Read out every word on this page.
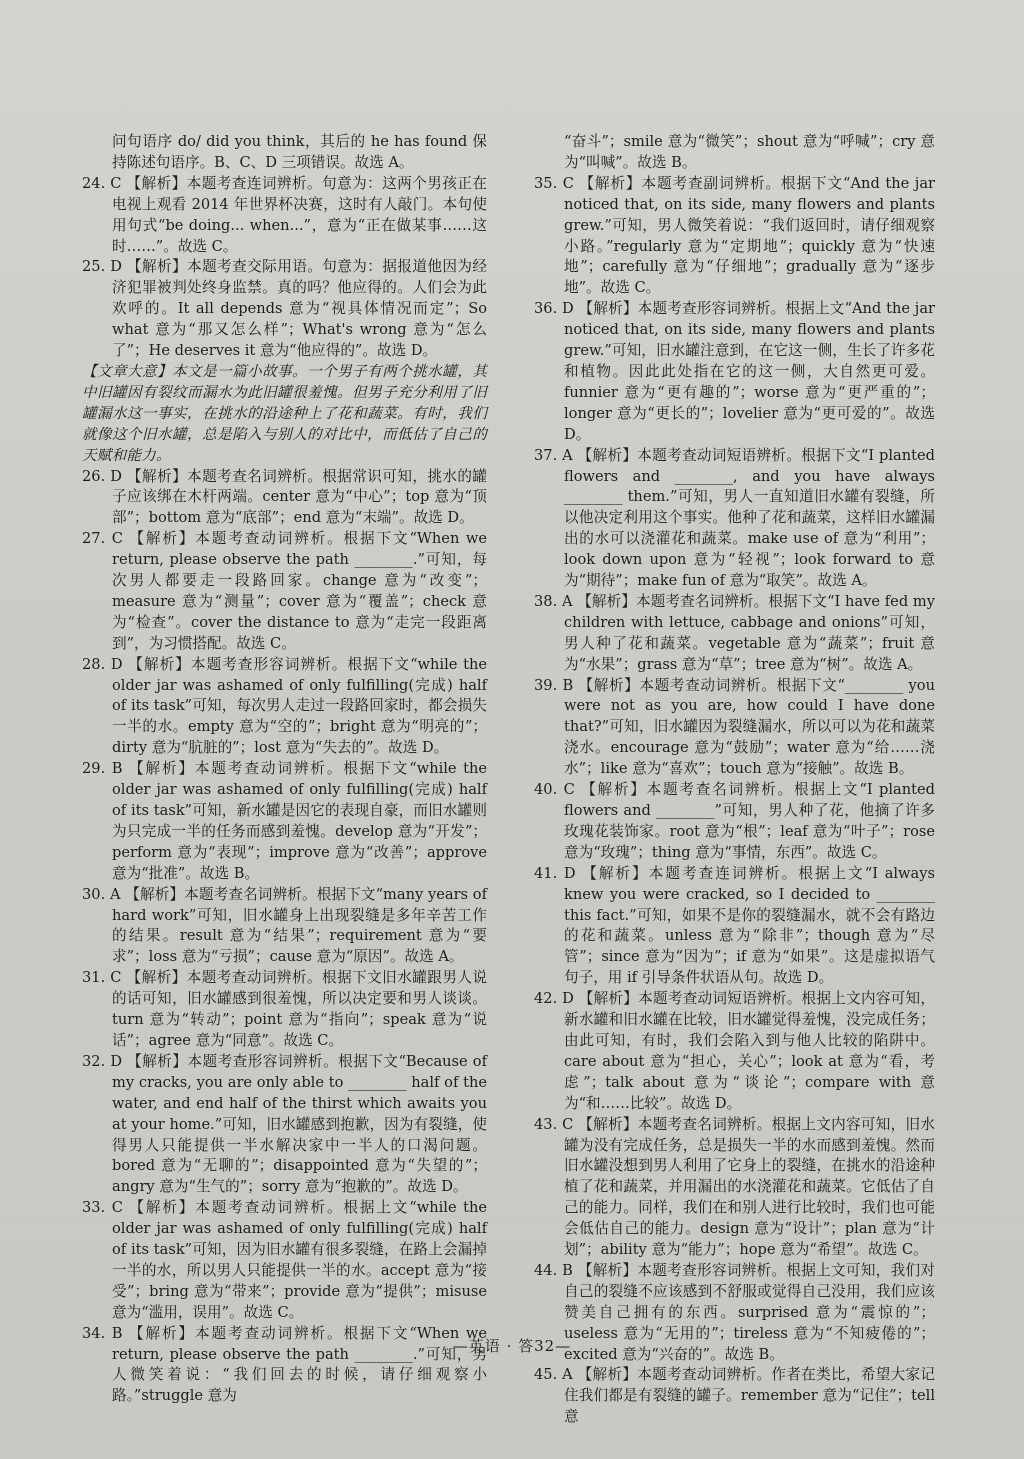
问句语序 do/ did you think，其后的 he has found 保持陈述句语序。B、C、D 三项错误。故选 A。

24. C 【解析】本题考查连词辨析。句意为：这两个男孩正在电视上观看 2014 年世界杯决赛，这时有人敲门。本句使用句式“be doing... when...”，意为“正在做某事……这时……”。故选 C。

25. D 【解析】本题考查交际用语。句意为：据报道他因为经济犯罪被判处终身监禁。真的吗？他应得的。人们会为此欢呼的。It all depends 意为“视具体情况而定”；So what 意为“那又怎么样”；What's wrong 意为“怎么了”；He deserves it 意为“他应得的”。故选 D。

【文章大意】本文是一篇小故事。一个男子有两个挑水罐，其中旧罐因有裂纹而漏水为此旧罐很羞愧。但男子充分利用了旧罐漏水这一事实，在挑水的沿途种上了花和蔬菜。有时，我们就像这个旧水罐，总是陷入与别人的对比中，而低估了自己的天赋和能力。

26. D 【解析】本题考查名词辨析。根据常识可知，挑水的罐子应该绑在木杆两端。center 意为“中心”；top 意为“顶部”；bottom 意为“底部”；end 意为“末端”。故选 D。

27. C 【解析】本题考查动词辨析。根据下文“When we return, please observe the path ________.”可知，每次男人都要走一段路回家。change 意为“改变”；measure 意为“测量”；cover 意为“覆盖”；check 意为“检查”。cover the distance to 意为“走完一段距离到”，为习惯搭配。故选 C。

28. D 【解析】本题考查形容词辨析。根据下文“while the older jar was ashamed of only fulfilling(完成) half of its task”可知，每次男人走过一段路回家时，都会损失一半的水。empty 意为“空的”；bright 意为“明亮的”；dirty 意为“肮脏的”；lost 意为“失去的”。故选 D。

29. B 【解析】本题考查动词辨析。根据下文“while the older jar was ashamed of only fulfilling(完成) half of its task”可知，新水罐是因它的表现自豪，而旧水罐则为只完成一半的任务而感到羞愧。develop 意为“开发”；perform 意为“表现”；improve 意为“改善”；approve 意为“批准”。故选 B。

30. A 【解析】本题考查名词辨析。根据下文“many years of hard work”可知，旧水罐身上出现裂缝是多年辛苦工作的结果。result 意为“结果”；requirement 意为“要求”；loss 意为“亏损”；cause 意为“原因”。故选 A。

31. C 【解析】本题考查动词辨析。根据下文旧水罐跟男人说的话可知，旧水罐感到很羞愧，所以决定要和男人谈谈。turn 意为“转动”；point 意为“指向”；speak 意为“说话”；agree 意为“同意”。故选 C。

32. D 【解析】本题考查形容词辨析。根据下文“Because of my cracks, you are only able to ________ half of the water, and end half of the thirst which awaits you at your home.”可知，旧水罐感到抱歉，因为有裂缝，使得男人只能提供一半水解决家中一半人的口渴问题。bored 意为“无聊的”；disappointed 意为“失望的”；angry 意为“生气的”；sorry 意为“抱歉的”。故选 D。

33. C 【解析】本题考查动词辨析。根据上文“while the older jar was ashamed of only fulfilling(完成) half of its task”可知，因为旧水罐有很多裂缝，在路上会漏掉一半的水，所以男人只能提供一半的水。accept 意为“接受”；bring 意为“带来”；provide 意为“提供”；misuse 意为“滥用，误用”。故选 C。

34. B 【解析】本题考查动词辨析。根据下文“When we return, please observe the path ________.”可知，男人微笑着说：“我们回去的时候，请仔细观察小路。”struggle 意为

“奋斗”；smile 意为“微笑”；shout 意为“呼喊”；cry 意为“叫喊”。故选 B。

35. C 【解析】本题考查副词辨析。根据下文“And the jar noticed that, on its side, many flowers and plants grew.”可知，男人微笑着说：“我们返回时，请仔细观察小路。”regularly 意为“定期地”；quickly 意为“快速地”；carefully 意为“仔细地”；gradually 意为“逐步地”。故选 C。

36. D 【解析】本题考查形容词辨析。根据上文“And the jar noticed that, on its side, many flowers and plants grew.”可知，旧水罐注意到，在它这一侧，生长了许多花和植物。因此此处指在它的这一侧，大自然更可爱。funnier 意为“更有趣的”；worse 意为“更严重的”；longer 意为“更长的”；lovelier 意为“更可爱的”。故选 D。

37. A 【解析】本题考查动词短语辨析。根据下文“I planted flowers and ________, and you have always ________ them.”可知，男人一直知道旧水罐有裂缝，所以他决定利用这个事实。他种了花和蔬菜，这样旧水罐漏出的水可以浇灌花和蔬菜。make use of 意为“利用”；look down upon 意为“轻视”；look forward to 意为“期待”；make fun of 意为“取笑”。故选 A。

38. A 【解析】本题考查名词辨析。根据下文“I have fed my children with lettuce, cabbage and onions”可知，男人种了花和蔬菜。vegetable 意为“蔬菜”；fruit 意为“水果”；grass 意为“草”；tree 意为“树”。故选 A。

39. B 【解析】本题考查动词辨析。根据下文“________ you were not as you are, how could I have done that?”可知，旧水罐因为裂缝漏水，所以可以为花和蔬菜浇水。encourage 意为“鼓励”；water 意为“给……浇水”；like 意为“喜欢”；touch 意为“接触”。故选 B。

40. C 【解析】本题考查名词辨析。根据上文“I planted flowers and ________”可知，男人种了花，他摘了许多玫瑰花装饰家。root 意为“根”；leaf 意为“叶子”；rose 意为“玫瑰”；thing 意为“事情，东西”。故选 C。

41. D 【解析】本题考查连词辨析。根据上文“I always knew you were cracked, so I decided to ________ this fact.”可知，如果不是你的裂缝漏水，就不会有路边的花和蔬菜。unless 意为“除非”；though 意为“尽管”；since 意为“因为”；if 意为“如果”。这是虚拟语气句子，用 if 引导条件状语从句。故选 D。

42. D 【解析】本题考查动词短语辨析。根据上文内容可知，新水罐和旧水罐在比较，旧水罐觉得羞愧，没完成任务；由此可知，有时，我们会陷入到与他人比较的陷阱中。care about 意为“担心，关心”；look at 意为“看，考虑”；talk about 意为“谈论”；compare with 意为“和……比较”。故选 D。

43. C 【解析】本题考查名词辨析。根据上文内容可知，旧水罐为没有完成任务，总是损失一半的水而感到羞愧。然而旧水罐没想到男人利用了它身上的裂缝，在挑水的沿途种植了花和蔬菜，并用漏出的水浇灌花和蔬菜。它低估了自己的能力。同样，我们在和别人进行比较时，我们也可能会低估自己的能力。design 意为“设计”；plan 意为“计划”；ability 意为“能力”；hope 意为“希望”。故选 C。

44. B 【解析】本题考查形容词辨析。根据上文可知，我们对自己的裂缝不应该感到不舒服或觉得自己没用，我们应该赞美自己拥有的东西。surprised 意为“震惊的”；useless 意为“无用的”；tireless 意为“不知疲倦的”；excited 意为“兴奋的”。故选 B。

45. A 【解析】本题考查动词辨析。作者在类比，希望大家记住我们都是有裂缝的罐子。remember 意为“记住”；tell 意

—英语 · 答32—
